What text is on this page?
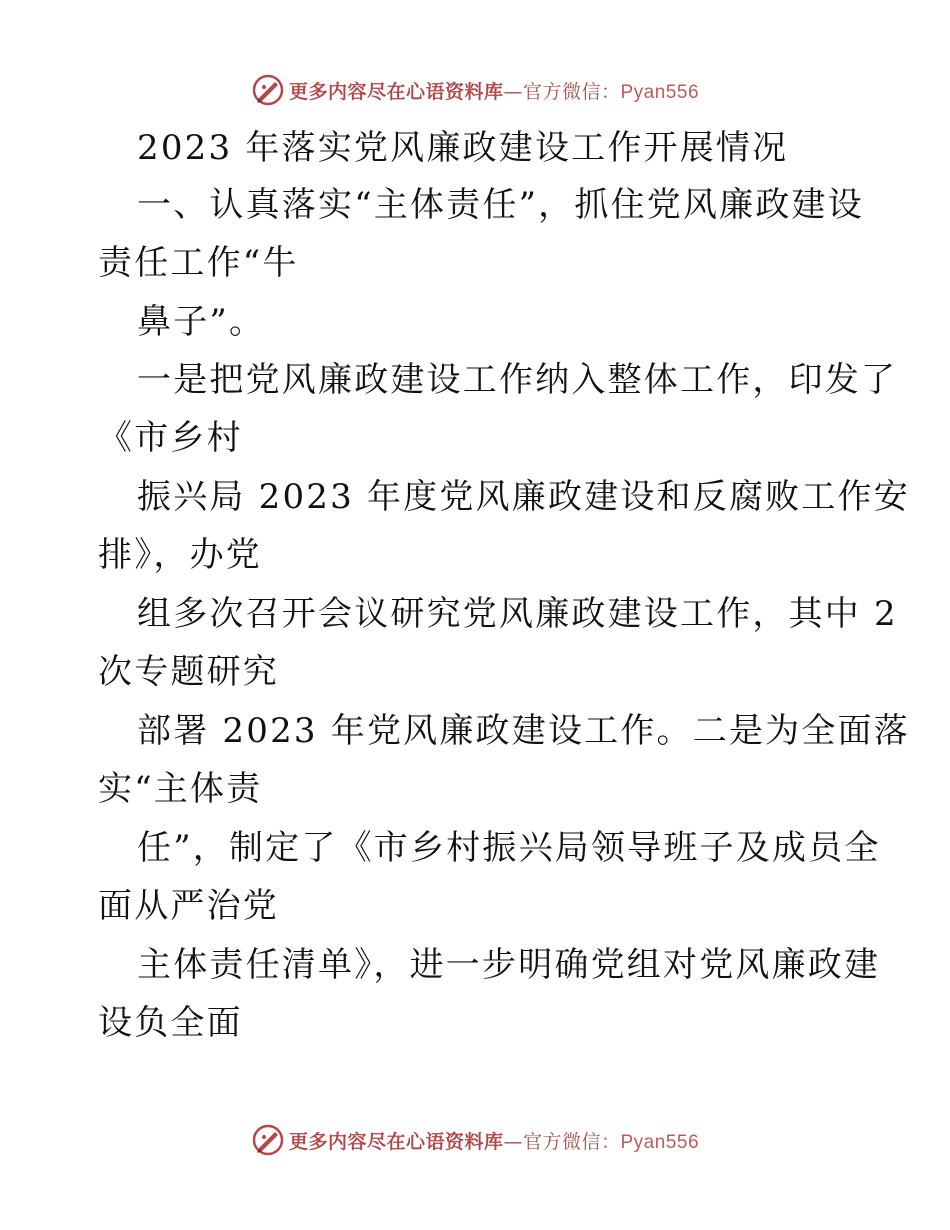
更多内容尽在心语资料库—官方微信：Pyan556
2023 年落实党风廉政建设工作开展情况
一、认真落实“主体责任”，抓住党风廉政建设
责任工作“牛
鼻子”。
一是把党风廉政建设工作纳入整体工作，印发了
《市乡村
振兴局 2023 年度党风廉政建设和反腐败工作安
排》，办党
组多次召开会议研究党风廉政建设工作，其中 2
次专题研究
部署 2023 年党风廉政建设工作。二是为全面落
实“主体责
任”，制定了《市乡村振兴局领导班子及成员全
面从严治党
主体责任清单》，进一步明确党组对党风廉政建
设负全面
更多内容尽在心语资料库—官方微信：Pyan556
